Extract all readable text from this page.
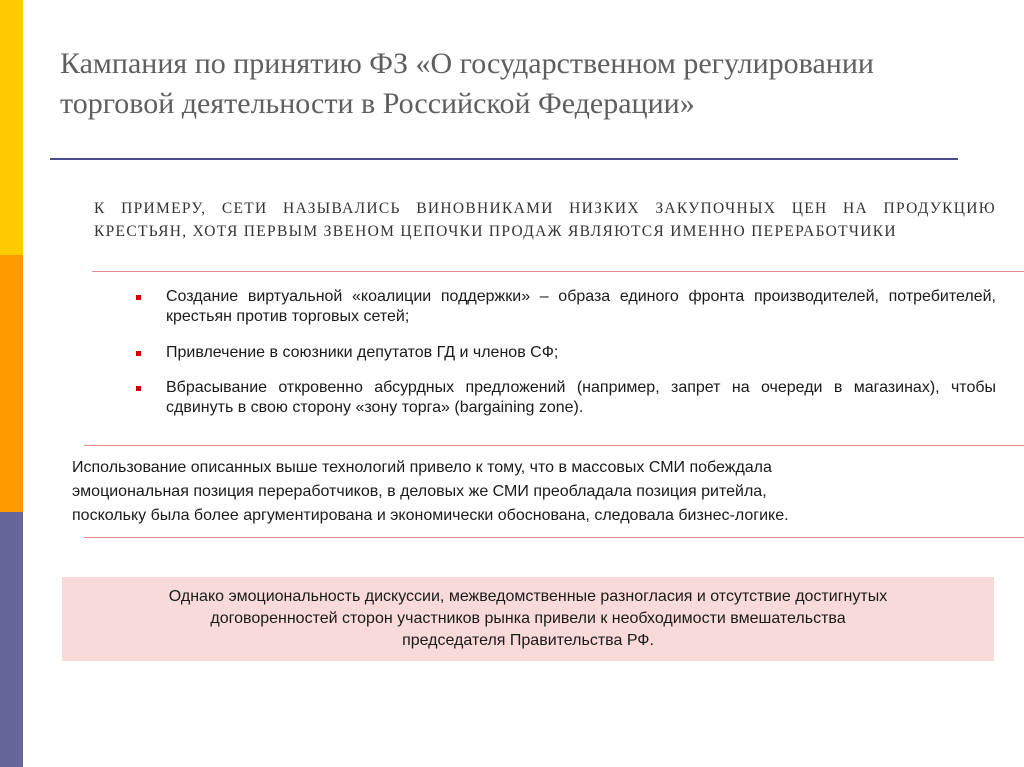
Кампания по принятию ФЗ «О государственном регулировании
торговой деятельности в Российской Федерации»
К ПРИМЕРУ, СЕТИ НАЗЫВАЛИСЬ ВИНОВНИКАМИ НИЗКИХ ЗАКУПОЧНЫХ ЦЕН НА ПРОДУКЦИЮ КРЕСТЬЯН, ХОТЯ ПЕРВЫМ ЗВЕНОМ ЦЕПОЧКИ ПРОДАЖ ЯВЛЯЮТСЯ ИМЕННО ПЕРЕРАБОТЧИКИ
Создание виртуальной «коалиции поддержки» – образа единого фронта производителей, потребителей, крестьян против торговых сетей;
Привлечение в союзники депутатов ГД и членов СФ;
Вбрасывание откровенно абсурдных предложений (например, запрет на очереди в магазинах), чтобы сдвинуть в свою сторону «зону торга» (bargaining zone).
Использование описанных выше технологий привело к тому, что в массовых СМИ побеждала
эмоциональная позиция переработчиков, в деловых же СМИ преобладала позиция ритейла,
поскольку была более аргументирована и экономически обоснована, следовала бизнес-логике.
Однако эмоциональность дискуссии, межведомственные разногласия и отсутствие достигнутых
договоренностей сторон участников рынка привели к необходимости вмешательства
председателя Правительства РФ.
